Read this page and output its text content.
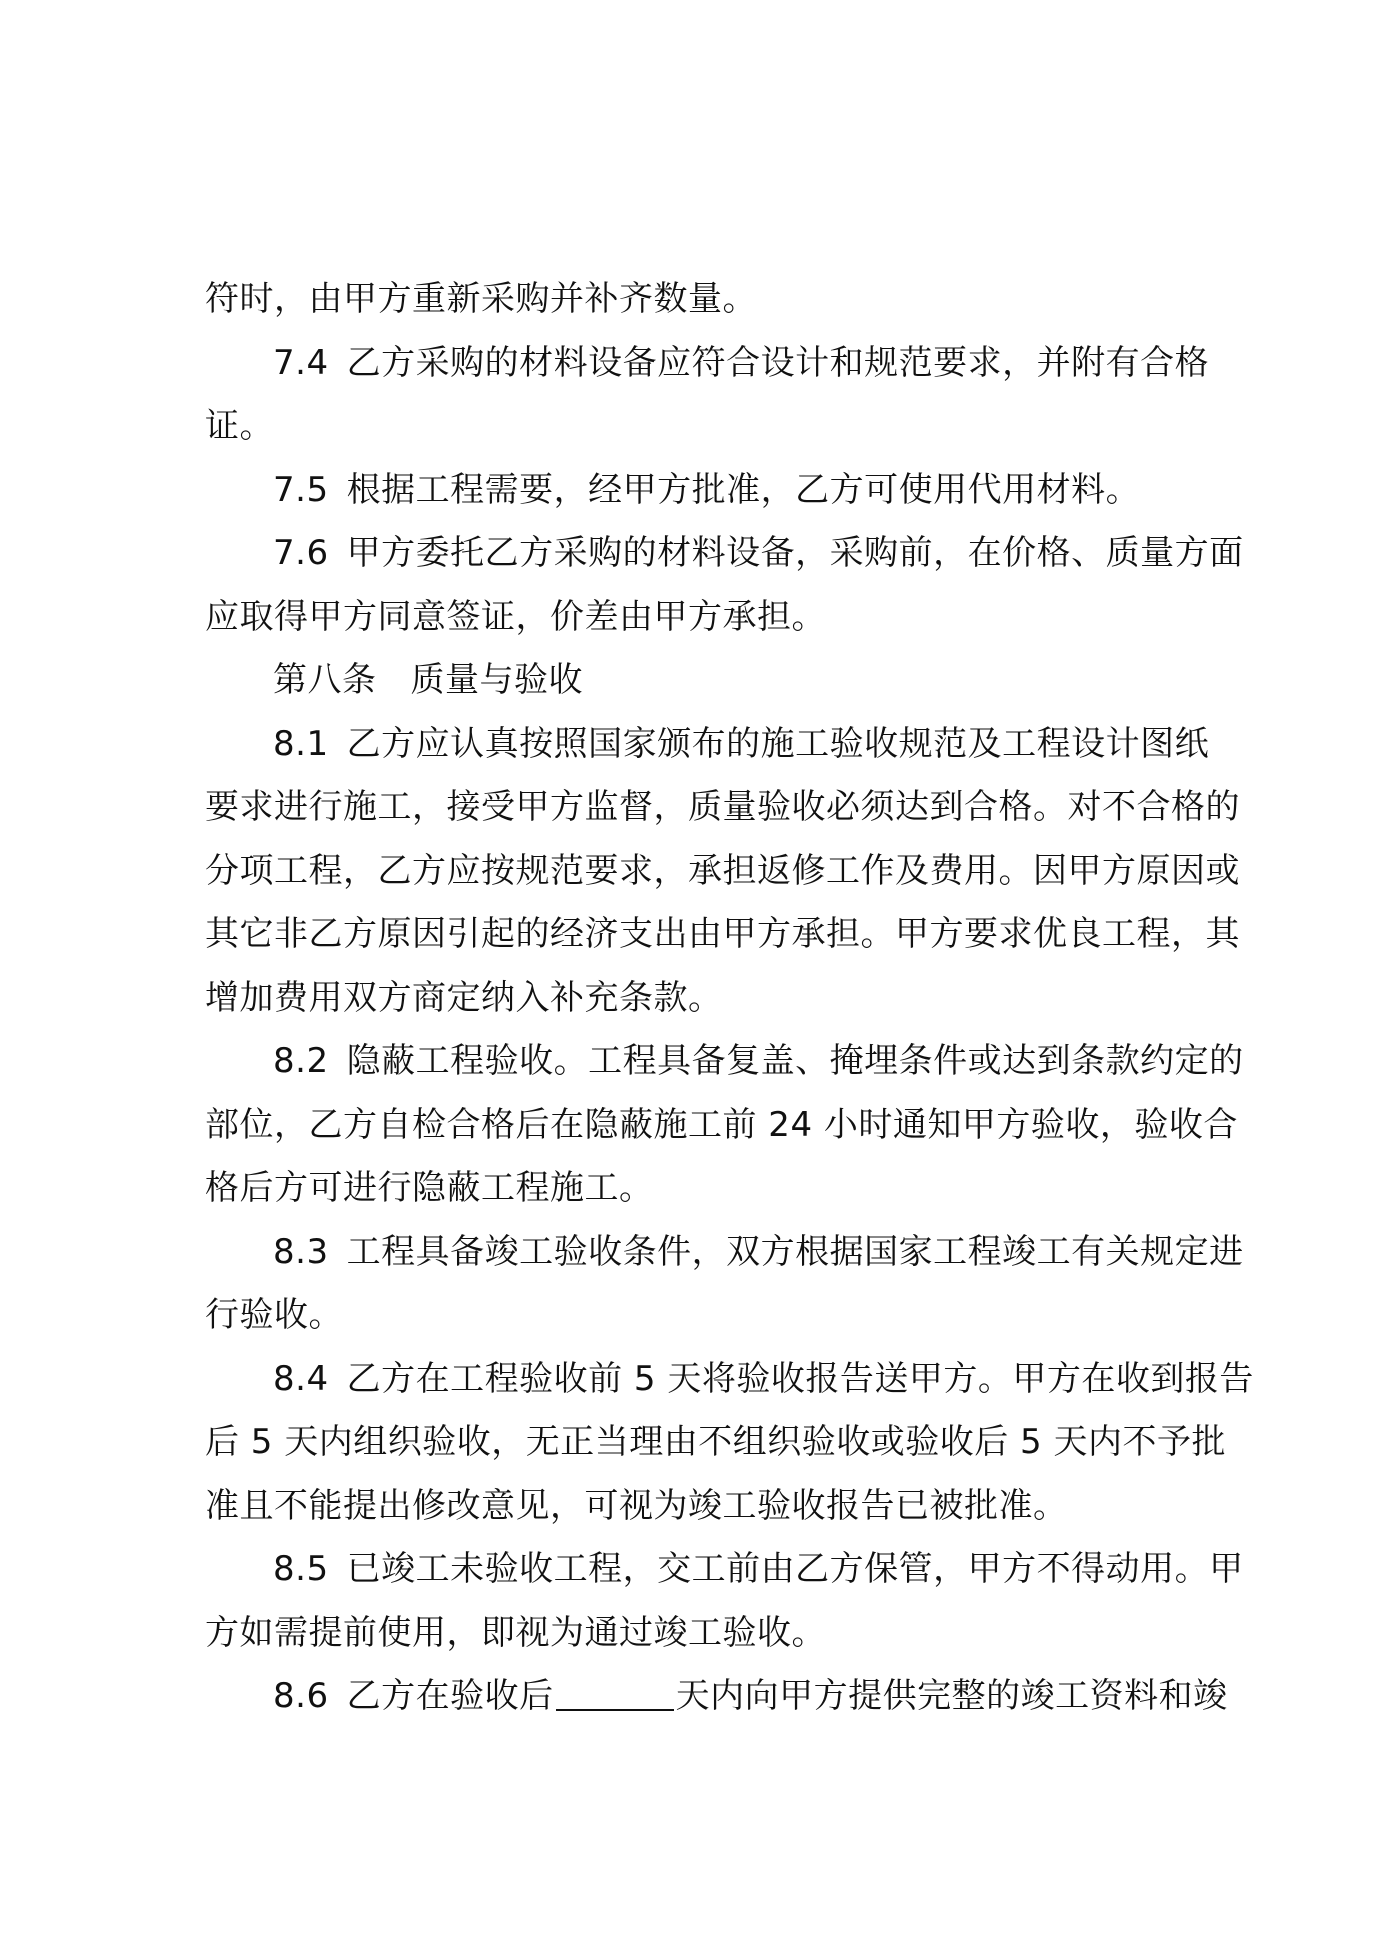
符时，由甲方重新采购并补齐数量。
7.4 乙方采购的材料设备应符合设计和规范要求，并附有合格
证。
7.5 根据工程需要，经甲方批准，乙方可使用代用材料。
7.6 甲方委托乙方采购的材料设备，采购前，在价格、质量方面
应取得甲方同意签证，价差由甲方承担。
第八条 质量与验收
8.1 乙方应认真按照国家颁布的施工验收规范及工程设计图纸
要求进行施工，接受甲方监督，质量验收必须达到合格。对不合格的
分项工程，乙方应按规范要求，承担返修工作及费用。因甲方原因或
其它非乙方原因引起的经济支出由甲方承担。甲方要求优良工程，其
增加费用双方商定纳入补充条款。
8.2 隐蔽工程验收。工程具备复盖、掩埋条件或达到条款约定的
部位，乙方自检合格后在隐蔽施工前 24 小时通知甲方验收，验收合
格后方可进行隐蔽工程施工。
8.3 工程具备竣工验收条件，双方根据国家工程竣工有关规定进
行验收。
8.4 乙方在工程验收前 5 天将验收报告送甲方。甲方在收到报告
后 5 天内组织验收，无正当理由不组织验收或验收后 5 天内不予批
准且不能提出修改意见，可视为竣工验收报告已被批准。
8.5 已竣工未验收工程，交工前由乙方保管，甲方不得动用。甲
方如需提前使用，即视为通过竣工验收。
8.6 乙方在验收后	天内向甲方提供完整的竣工资料和竣
